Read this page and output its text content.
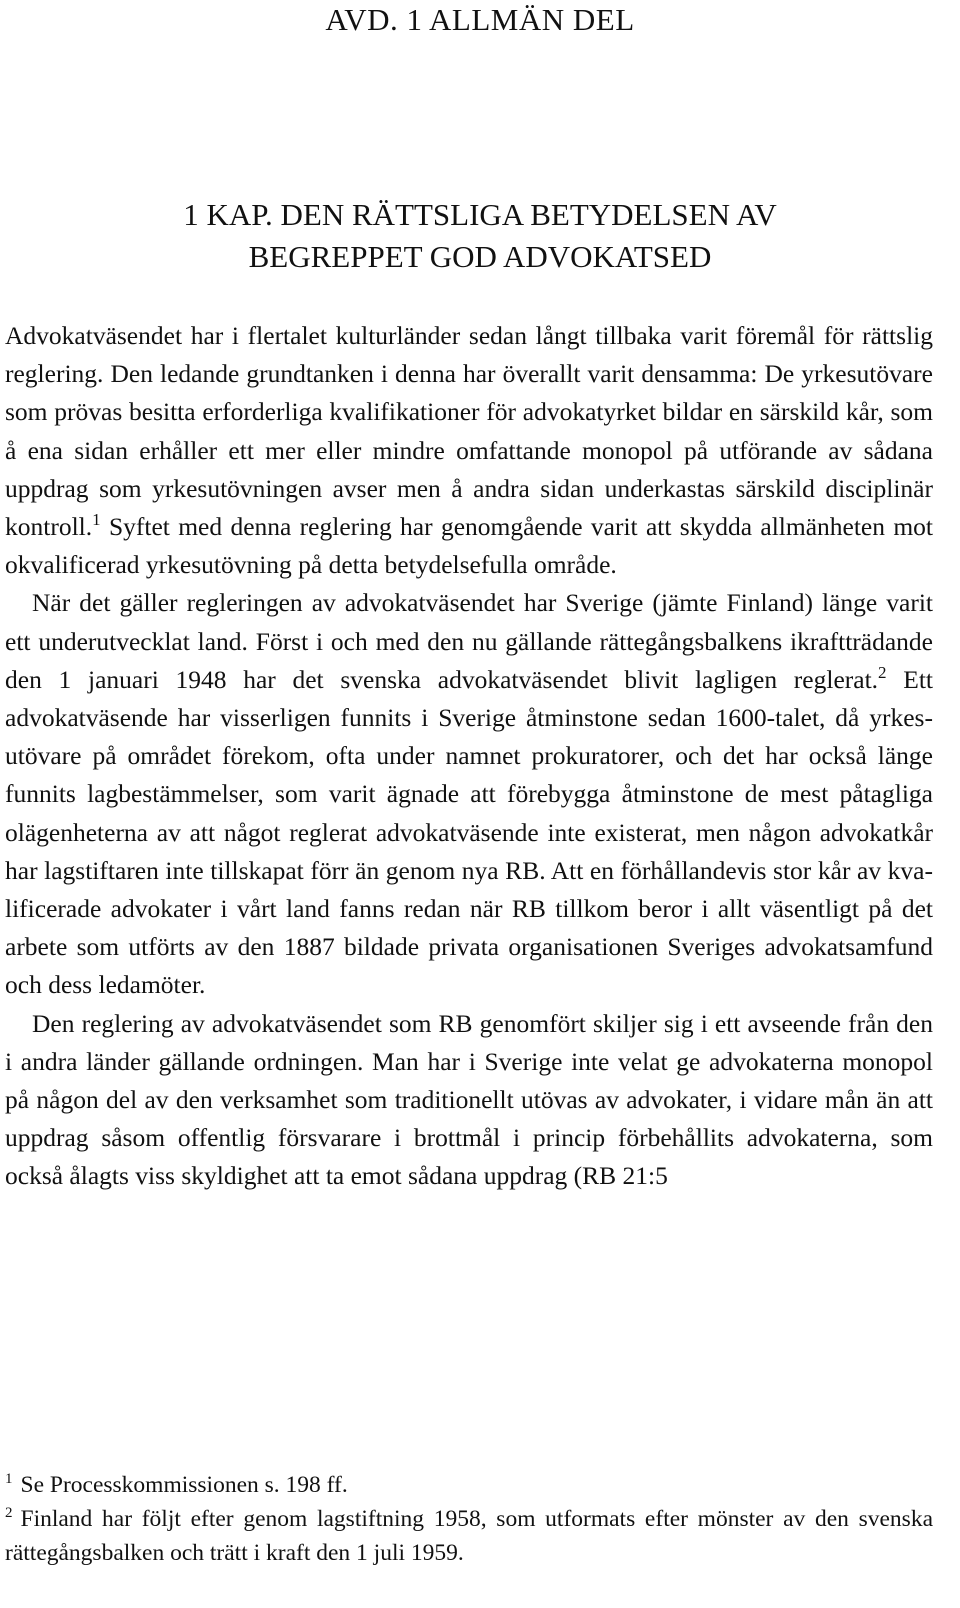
AVD. 1 ALLMÄN DEL
1 KAP. DEN RÄTTSLIGA BETYDELSEN AV
BEGREPPET GOD ADVOKATSED

Advokatväsendet har i flertalet kulturländer sedan långt tillbaka varit föremål för rättslig reglering. Den ledande grundtanken i denna har överallt varit densamma: De yrkesutövare som prövas besitta erforderliga kvalifikationer för advokatyrket bildar en särskild kår, som å ena sidan erhåller ett mer eller mindre omfattande monopol på utförande av sådana uppdrag som yrkesutövningen avser men å andra sidan underkastas särskild disciplinär kontroll.$^1$ Syftet med denna reglering har genomgående varit att skydda allmänheten mot okvalificerad yrkesutövning på detta betydelsefulla område.

När det gäller regleringen av advokatväsendet har Sverige (jämte Finland) länge varit ett underutvecklat land. Först i och med den nu gällande rättegångsbalkens ikraftträdande den 1 januari 1948 har det svenska advokatväsendet blivit lagligen reglerat.$^2$ Ett advokatväsende har visserligen funnits i Sverige åtminstone sedan 1600-talet, då yrkesutövare på området förekom, ofta under namnet prokuratorer, och det har också länge funnits lagbestämmelser, som varit ägnade att förebygga åtminstone de mest påtagliga olägenheterna av att något reglerat advokatväsende inte existerat, men någon advokatkår har lagstiftaren inte tillskapat förr än genom nya RB. Att en förhållandevis stor kår av kvalificerade advokater i vårt land fanns redan när RB tillkom beror i allt väsentligt på det arbete som utförts av den 1887 bildade privata organisationen Sveriges advokatsamfund och dess ledamöter.

Den reglering av advokatväsendet som RB genomfört skiljer sig i ett avseende från den i andra länder gällande ordningen. Man har i Sverige inte velat ge advokaterna monopol på någon del av den verksamhet som traditionellt utövas av advokater, i vidare mån än att uppdrag såsom offentlig försvarare i brottmål i princip förbehållits advokaterna, som också ålagts viss skyldighet att ta emot sådana uppdrag (RB 21:5

$^1$ Se Processkommissionen s. 198 ff.

$^2$ Finland har följt efter genom lagstiftning 1958, som utformats efter mönster av den svenska rättegångsbalken och trätt i kraft den 1 juli 1959.
